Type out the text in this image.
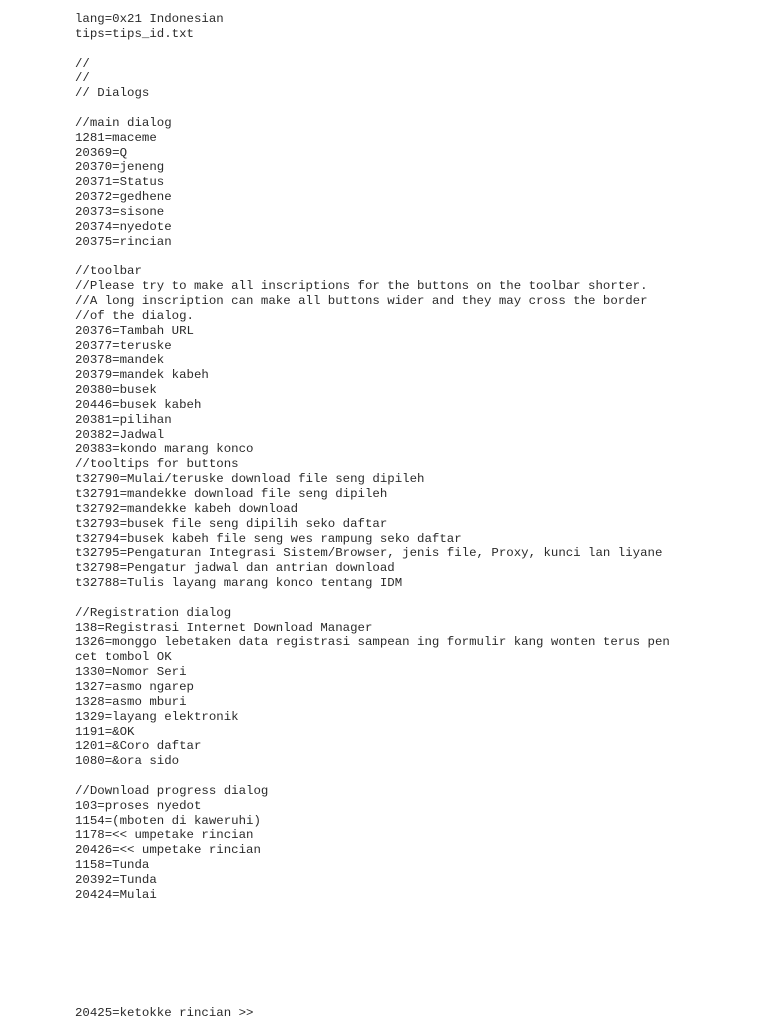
lang=0x21 Indonesian
tips=tips_id.txt

//
//
// Dialogs

//main dialog
1281=maceme
20369=Q
20370=jeneng
20371=Status
20372=gedhene
20373=sisone
20374=nyedote
20375=rincian

//toolbar
//Please try to make all inscriptions for the buttons on the toolbar shorter.
//A long inscription can make all buttons wider and they may cross the border
//of the dialog.
20376=Tambah URL
20377=teruske
20378=mandek
20379=mandek kabeh
20380=busek
20446=busek kabeh
20381=pilihan
20382=Jadwal
20383=kondo marang konco
//tooltips for buttons
t32790=Mulai/teruske download file seng dipileh
t32791=mandekke download file seng dipileh
t32792=mandekke kabeh download
t32793=busek file seng dipilih seko daftar
t32794=busek kabeh file seng wes rampung seko daftar
t32795=Pengaturan Integrasi Sistem/Browser, jenis file, Proxy, kunci lan liyane
t32798=Pengatur jadwal dan antrian download
t32788=Tulis layang marang konco tentang IDM

//Registration dialog
138=Registrasi Internet Download Manager
1326=monggo lebetaken data registrasi sampean ing formulir kang wonten terus pen
cet tombol OK
1330=Nomor Seri
1327=asmo ngarep
1328=asmo mburi
1329=layang elektronik
1191=&OK
1201=&Coro daftar
1080=&ora sido

//Download progress dialog
103=proses nyedot
1154=(mboten di kaweruhi)
1178=<< umpetake rincian
20426=<< umpetake rincian
1158=Tunda
20392=Tunda
20424=Mulai
20425=ketokke rincian >>
